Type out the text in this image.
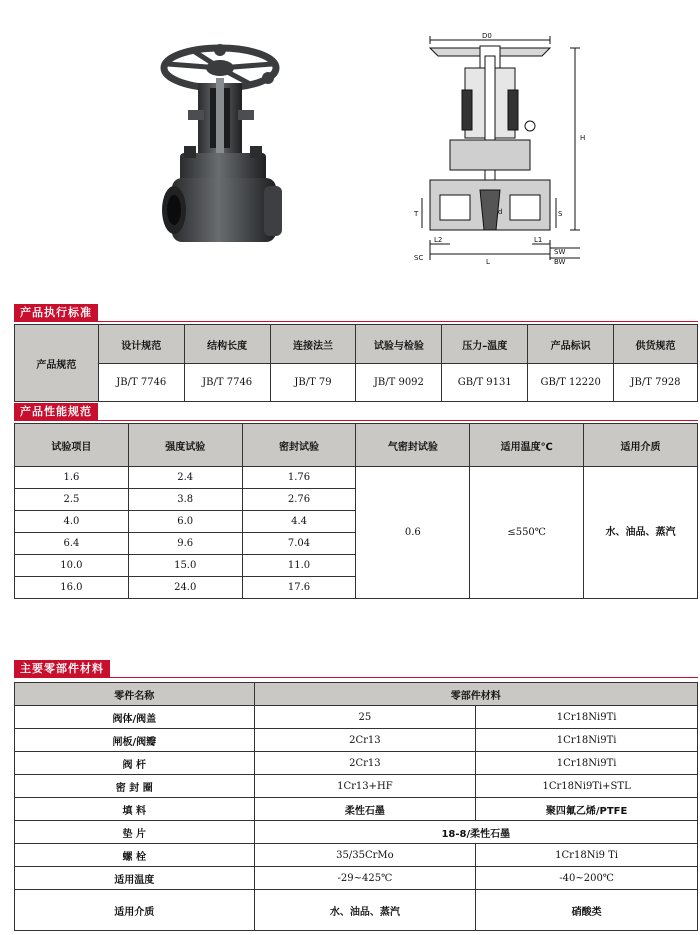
D0
H
T	S
d
SC
L2
L
L1
SW
BW
产品执行标准
产品规范	设计规范	结构长度	连接法兰	试验与检验	压力–温度	产品标识	供货规范
	JB/T 7746	JB/T 7746	JB/T 79	JB/T 9092	GB/T 9131	GB/T 12220	JB/T 7928
产品性能规范
试验项目	强度试验	密封试验	气密封试验	适用温度℃	适用介质
1.6	2.4	1.76	0.6	≤550℃	水、油品、蒸汽

2.5	3.8	2.76			
4.0	6.0	4.4			
6.4	9.6	7.04			
10.0	15.0	11.0			
16.0	24.0	17.6			
主要零部件材料
零件名称	零部件材料	
阀体/阀盖	25	1Cr18Ni9Ti
闸板/阀瓣	2Cr13	1Cr18Ni9Ti
阀 杆	2Cr13	1Cr18Ni9Ti
密 封 圈	1Cr13+HF	1Cr18Ni9Ti+STL
填 料	柔性石墨	聚四氟乙烯/PTFE
垫 片	18-8/柔性石墨	
螺 栓	35/35CrMo	1Cr18Ni9 Ti
适用温度	-29~425℃	-40~200℃
适用介质	水、油品、蒸汽	硝酸类
